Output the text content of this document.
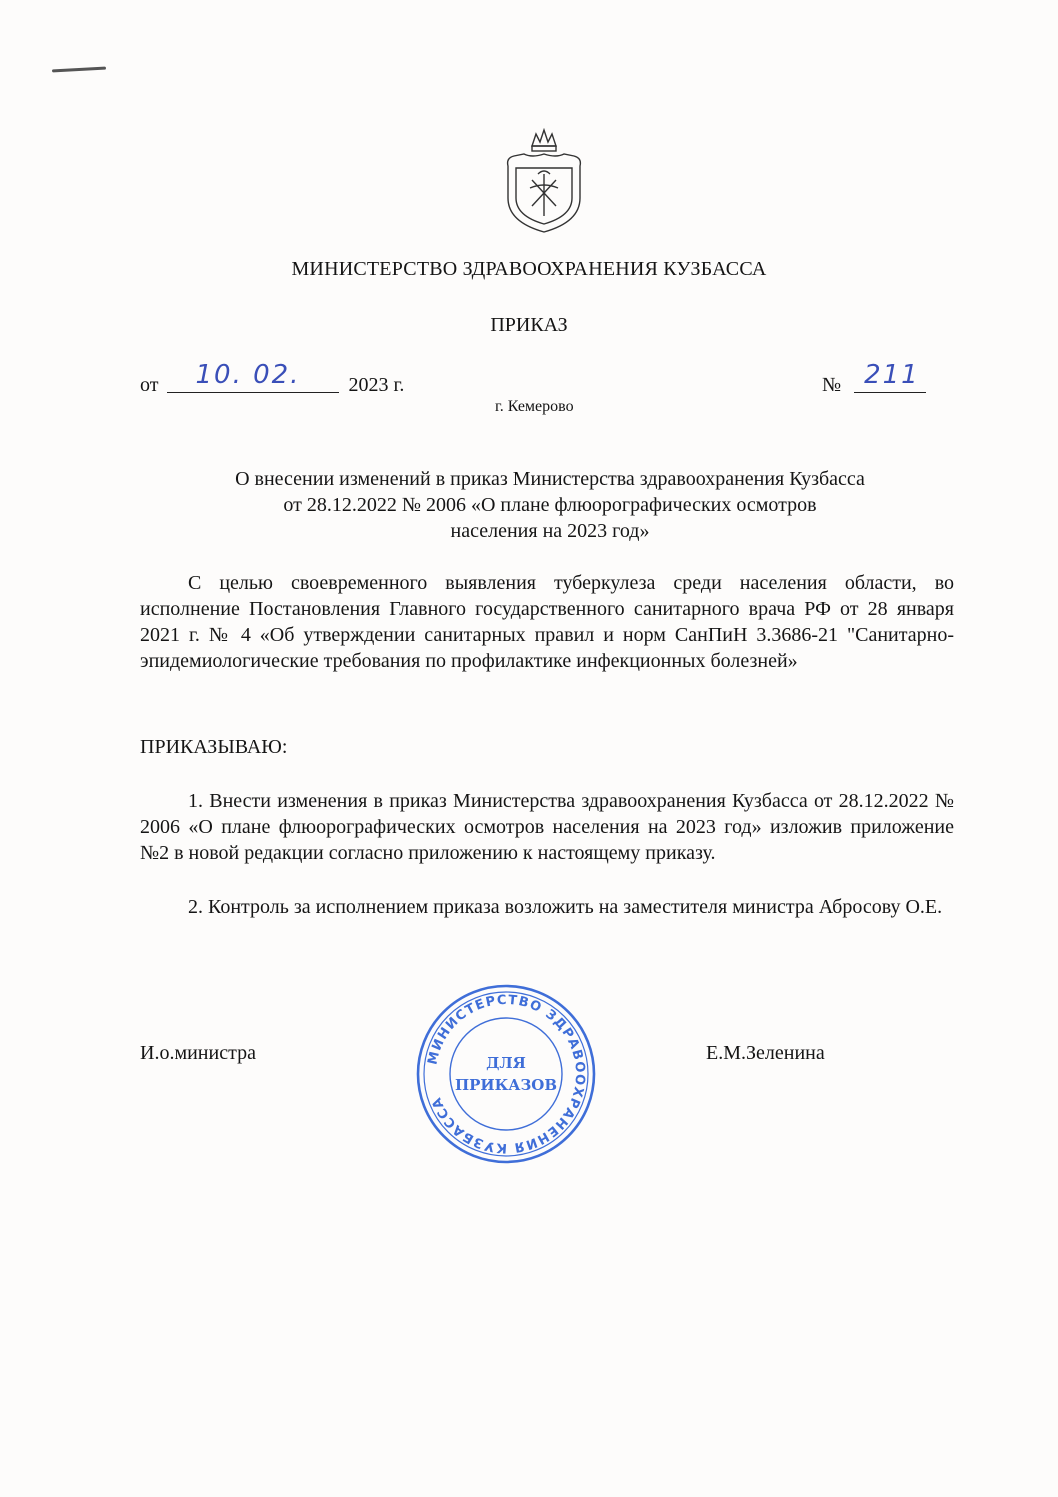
МИНИСТЕРСТВО ЗДРАВООХРАНЕНИЯ КУЗБАССА
ПРИКАЗ
от 10. 02. 2023 г.	№ 211
г. Кемерово
О внесении изменений в приказ Министерства здравоохранения Кузбасса
от 28.12.2022 № 2006 «О плане флюорографических осмотров
населения на 2023 год»
С целью своевременного выявления туберкулеза среди населения области, во исполнение Постановления Главного государственного санитарного врача РФ от 28 января 2021 г. № 4 «Об утверждении санитарных правил и норм СанПиН 3.3686-21 "Санитарно-эпидемиологические требования по профилактике инфекционных болезней»
ПРИКАЗЫВАЮ:
1. Внести изменения в приказ Министерства здравоохранения Кузбасса от 28.12.2022 № 2006 «О плане флюорографических осмотров населения на 2023 год» изложив приложение №2 в новой редакции согласно приложению к настоящему приказу.
2. Контроль за исполнением приказа возложить на заместителя министра Абросову О.Е.
И.о.министра	Е.М.Зеленина
МИНИСТЕРСТВО ЗДРАВООХРАНЕНИЯ КУЗБАССА
ДЛЯ
ПРИКАЗОВ
